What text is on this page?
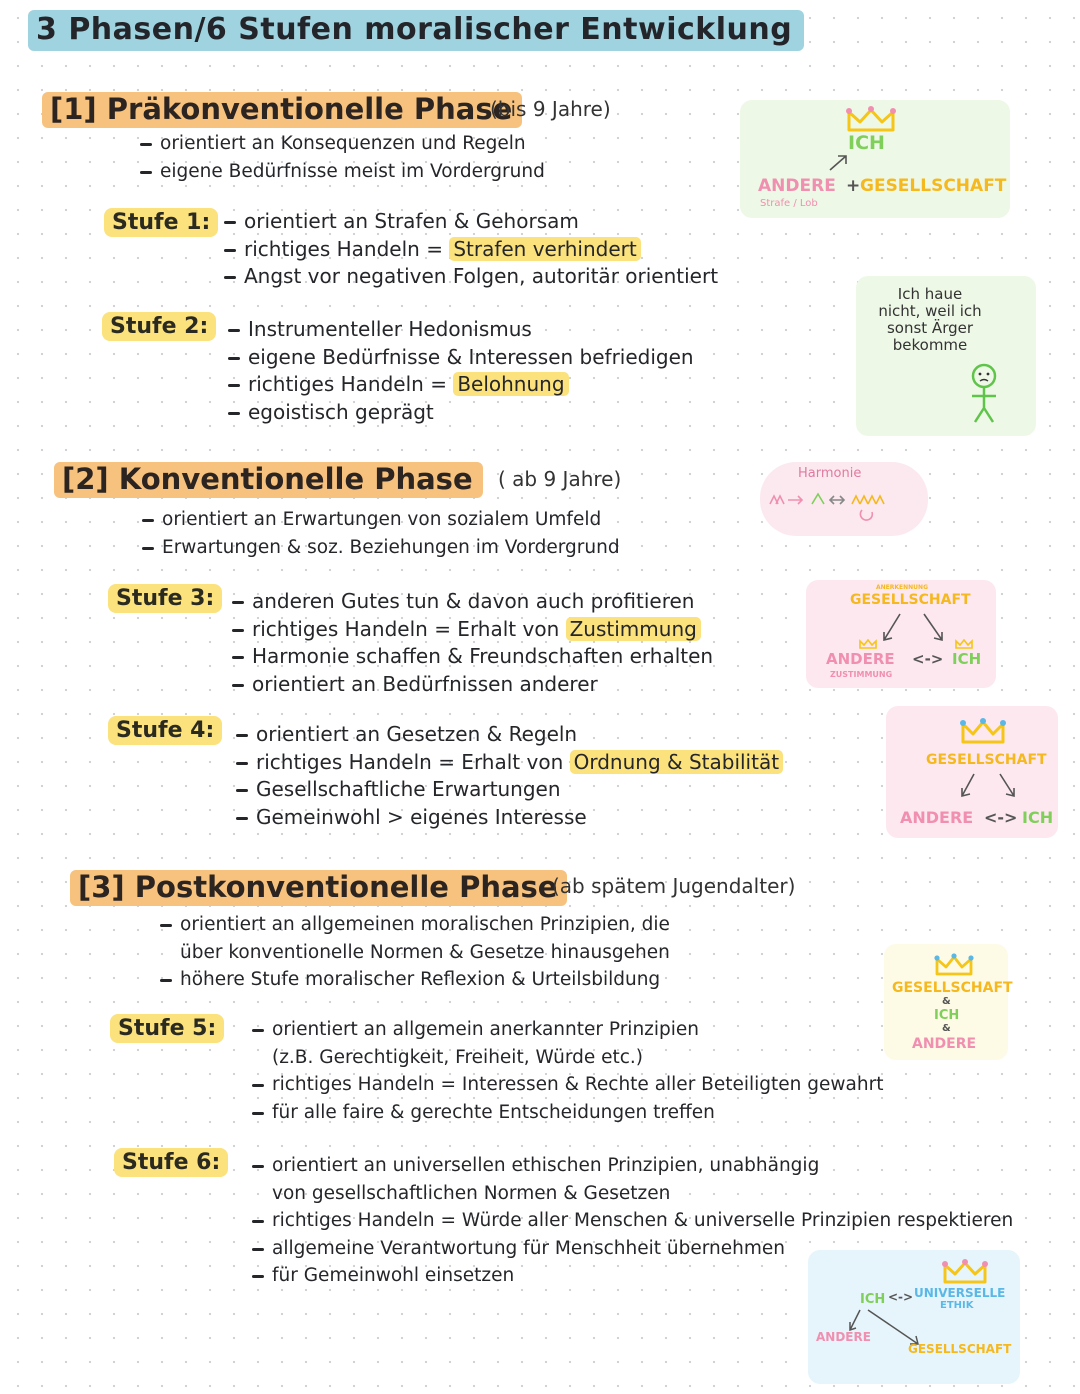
3 Phasen/6 Stufen moralischer Entwicklung
[1] Präkonventionelle Phase
(bis 9 Jahre)
orientiert an Konsequenzen und Regeln
eigene Bedürfnisse meist im Vordergrund
Stufe 1:	orientiert an Strafen & Gehorsam
richtiges Handeln = Strafen verhindert
Angst vor negativen Folgen, autoritär orientiert
Stufe 2:	Instrumenteller Hedonismus
eigene Bedürfnisse & Interessen befriedigen
richtiges Handeln = Belohnung
egoistisch geprägt
[2] Konventionelle Phase	( ab 9 Jahre)
orientiert an Erwartungen von sozialem Umfeld
Erwartungen & soz. Beziehungen im Vordergrund
Stufe 3:	anderen Gutes tun & davon auch profitieren
richtiges Handeln = Erhalt von Zustimmung
Harmonie schaffen & Freundschaften erhalten
orientiert an Bedürfnissen anderer
Stufe 4:	orientiert an Gesetzen & Regeln
richtiges Handeln = Erhalt von Ordnung & Stabilität
Gesellschaftliche Erwartungen
Gemeinwohl > eigenes Interesse
[3] Postkonventionelle Phase
(ab spätem Jugendalter)
orientiert an allgemeinen moralischen Prinzipien, die
über konventionelle Normen & Gesetze hinausgehen
höhere Stufe moralischer Reflexion & Urteilsbildung
Stufe 5:	orientiert an allgemein anerkannter Prinzipien
(z.B. Gerechtigkeit, Freiheit, Würde etc.)
richtiges Handeln = Interessen & Rechte aller Beteiligten gewahrt
für alle faire & gerechte Entscheidungen treffen
Stufe 6:	orientiert an universellen ethischen Prinzipien, unabhängig
von gesellschaftlichen Normen & Gesetzen
richtiges Handeln = Würde aller Menschen & universelle Prinzipien respektieren
allgemeine Verantwortung für Menschheit übernehmen
für Gemeinwohl einsetzen
ICH
ANDERE + GESELLSCHAFT
Strafe / Lob
Ich haue
nicht, weil ich
sonst Ärger
bekomme
Harmonie
ANERKENNUNG
GESELLSCHAFT
ANDERE <-> ICH
ZUSTIMMUNG
GESELLSCHAFT
ANDERE <-> ICH
GESELLSCHAFT
&
ICH
&
ANDERE
ICH <-> UNIVERSELLE
ETHIK
ANDERE
GESELLSCHAFT
